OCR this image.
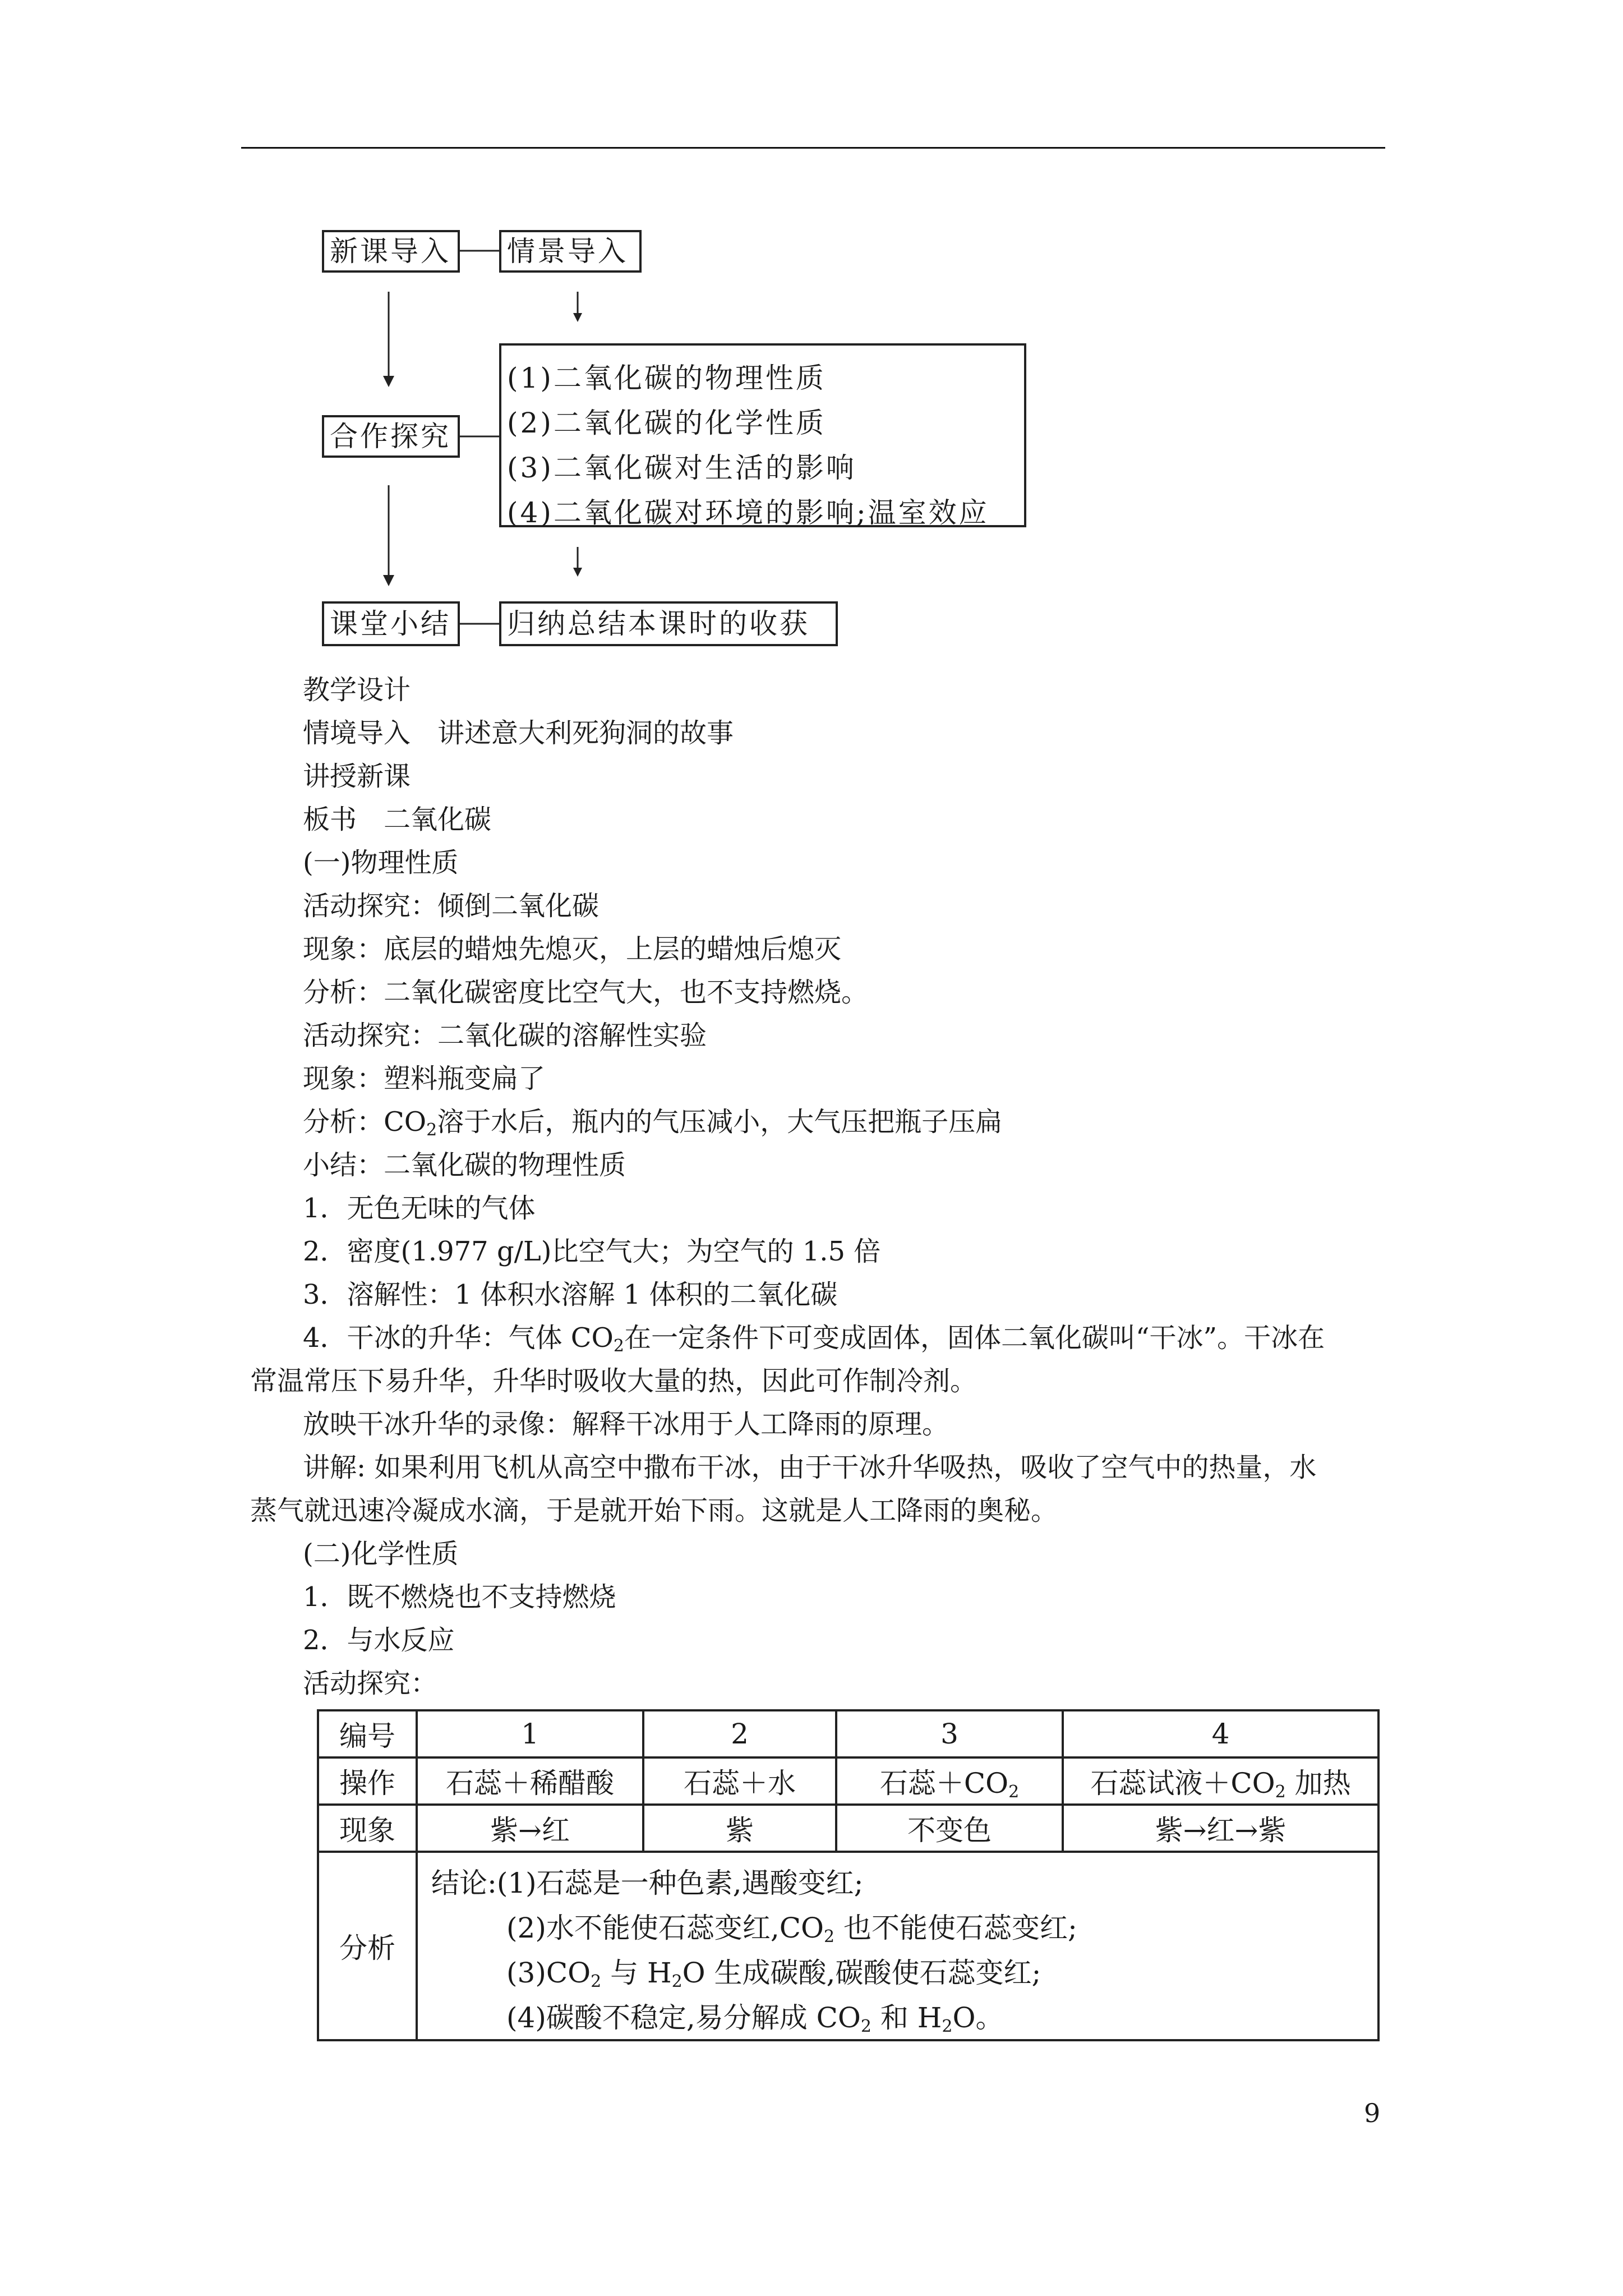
新课导入	情景导入
合作探究
(1)二氧化碳的物理性质
(2)二氧化碳的化学性质
(3)二氧化碳对生活的影响
(4)二氧化碳对环境的影响;温室效应
课堂小结	归纳总结本课时的收获
教学设计
情境导入　讲述意大利死狗洞的故事
讲授新课
板书　二氧化碳
(一)物理性质
活动探究：倾倒二氧化碳
现象：底层的蜡烛先熄灭，上层的蜡烛后熄灭
分析：二氧化碳密度比空气大，也不支持燃烧。
活动探究：二氧化碳的溶解性实验
现象：塑料瓶变扁了
分析：$CO_2$溶于水后，瓶内的气压减小，大气压把瓶子压扁
小结：二氧化碳的物理性质
1．无色无味的气体
2．密度(1.977 g/L)比空气大；为空气的 1.5 倍
3．溶解性：1 体积水溶解 1 体积的二氧化碳
4．干冰的升华：气体 $CO_2$在一定条件下可变成固体，固体二氧化碳叫“干冰”。干冰在
常温常压下易升华，升华时吸收大量的热，因此可作制冷剂。
放映干冰升华的录像：解释干冰用于人工降雨的原理。
讲解: 如果利用飞机从高空中撒布干冰，由于干冰升华吸热，吸收了空气中的热量，水
蒸气就迅速冷凝成水滴，于是就开始下雨。这就是人工降雨的奥秘。
(二)化学性质
1．既不燃烧也不支持燃烧
2．与水反应
活动探究：
编号	1	2	3	4
操作	石蕊＋稀醋酸	石蕊＋水	石蕊$+CO_2$	石蕊试液$+CO_2$ 加热
现象	紫→红	紫	不变色	紫→红→紫
分析	结论:(1)石蕊是一种色素,遇酸变红;
(2)水不能使石蕊变红$,CO_2$ 也不能使石蕊变红;
$(3)CO_2$ 与 $H_2O$ 生成碳酸,碳酸使石蕊变红;
(4)碳酸不稳定,易分解成 $CO_2$ 和 $H_2O$。			
9
